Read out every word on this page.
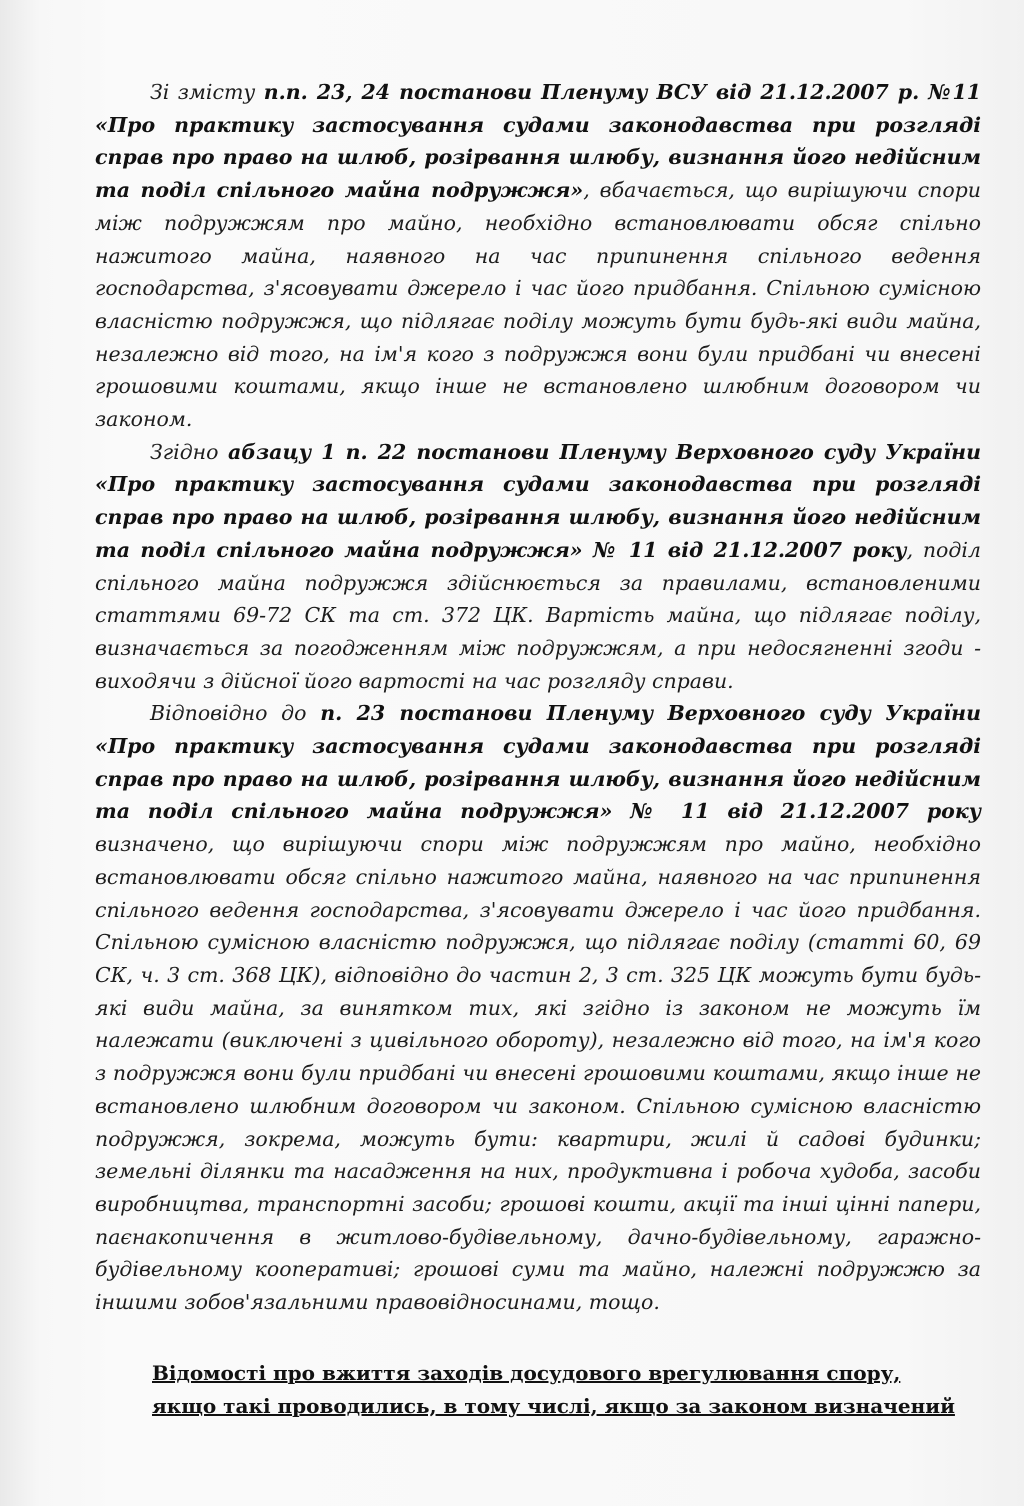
Зі змісту п.п. 23, 24 постанови Пленуму ВСУ від 21.12.2007 р. №11 «Про практику застосування судами законодавства при розгляді справ про право на шлюб, розірвання шлюбу, визнання його недійсним та поділ спільного майна подружжя», вбачається, що вирішуючи спори між подружжям про майно, необхідно встановлювати обсяг спільно нажитого майна, наявного на час припинення спільного ведення господарства, з'ясовувати джерело і час його придбання. Спільною сумісною власністю подружжя, що підлягає поділу можуть бути будь-які види майна, незалежно від того, на ім'я кого з подружжя вони були придбані чи внесені грошовими коштами, якщо інше не встановлено шлюбним договором чи законом.

Згідно абзацу 1 п. 22 постанови Пленуму Верховного суду України «Про практику застосування судами законодавства при розгляді справ про право на шлюб, розірвання шлюбу, визнання його недійсним та поділ спільного майна подружжя» № 11 від 21.12.2007 року, поділ спільного майна подружжя здійснюється за правилами, встановленими статтями 69-72 СК та ст. 372 ЦК. Вартість майна, що підлягає поділу, визначається за погодженням між подружжям, а при недосягненні згоди - виходячи з дійсної його вартості на час розгляду справи.

Відповідно до п. 23 постанови Пленуму Верховного суду України «Про практику застосування судами законодавства при розгляді справ про право на шлюб, розірвання шлюбу, визнання його недійсним та поділ спільного майна подружжя» № 11 від 21.12.2007 року визначено, що вирішуючи спори між подружжям про майно, необхідно встановлювати обсяг спільно нажитого майна, наявного на час припинення спільного ведення господарства, з'ясовувати джерело і час його придбання. Спільною сумісною власністю подружжя, що підлягає поділу (статті 60, 69 СК, ч. 3 ст. 368 ЦК), відповідно до частин 2, 3 ст. 325 ЦК можуть бути будь-які види майна, за винятком тих, які згідно із законом не можуть їм належати (виключені з цивільного обороту), незалежно від того, на ім'я кого з подружжя вони були придбані чи внесені грошовими коштами, якщо інше не встановлено шлюбним договором чи законом. Спільною сумісною власністю подружжя, зокрема, можуть бути: квартири, жилі й садові будинки; земельні ділянки та насадження на них, продуктивна і робоча худоба, засоби виробництва, транспортні засоби; грошові кошти, акції та інші цінні папери, паєнакопичення в житлово-будівельному, дачно-будівельному, гаражно-будівельному кооперативі; грошові суми та майно, належні подружжю за іншими зобов'язальними правовідносинами, тощо.

Відомості про вжиття заходів досудового врегулювання спору,
якщо такі проводились, в тому числі, якщо за законом визначений
